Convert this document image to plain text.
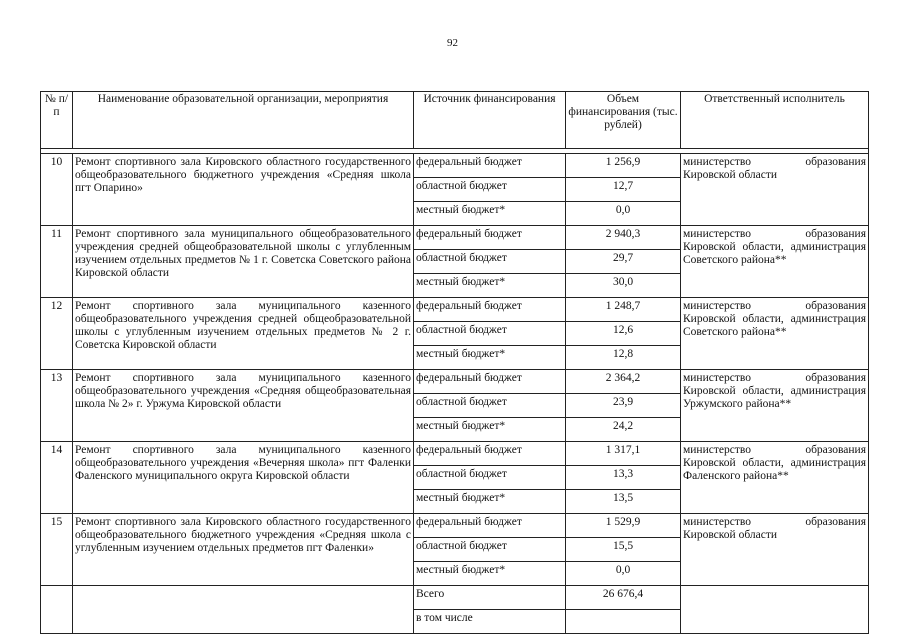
92
№ п/п	Наименование образовательной организации, мероприятия	Источник финансирования	Объем финансирования (тыс. рублей)	Ответственный исполнитель

10	Ремонт спортивного зала Кировского областного государственного общеобразовательного бюджетного учреждения «Средняя школа пгт Опарино»	федеральный бюджет	1 256,9	министерство образования Кировской области
		областной бюджет	12,7	
		местный бюджет*	0,0	
11	Ремонт спортивного зала муниципального общеобразовательного учреждения средней общеобразовательной школы с углубленным изучением отдельных предметов № 1 г. Советска Советского района Кировской области	федеральный бюджет	2 940,3	министерство образования Кировской области, администрация Советского района**
		областной бюджет	29,7	
		местный бюджет*	30,0	
12	Ремонт спортивного зала муниципального казенного общеобразовательного учреждения средней общеобразовательной школы с углубленным изучением отдельных предметов № 2 г. Советска Кировской области	федеральный бюджет	1 248,7	министерство образования Кировской области, администрация Советского района**
		областной бюджет	12,6	
		местный бюджет*	12,8	
13	Ремонт спортивного зала муниципального казенного общеобразовательного учреждения «Средняя общеобразовательная школа № 2» г. Уржума Кировской области	федеральный бюджет	2 364,2	министерство образования Кировской области, администрация Уржумского района**
		областной бюджет	23,9	
		местный бюджет*	24,2	
14	Ремонт спортивного зала муниципального казенного общеобразовательного учреждения «Вечерняя школа» пгт Фаленки Фаленского муниципального округа Кировской области	федеральный бюджет	1 317,1	министерство образования Кировской области, администрация Фаленского района**
		областной бюджет	13,3	
		местный бюджет*	13,5	
15	Ремонт спортивного зала Кировского областного государственного общеобразовательного бюджетного учреждения «Средняя школа с углубленным изучением отдельных предметов пгт Фаленки»	федеральный бюджет	1 529,9	министерство образования Кировской области
		областной бюджет	15,5	
		местный бюджет*	0,0	
		Всего	26 676,4	
		в том числе		
